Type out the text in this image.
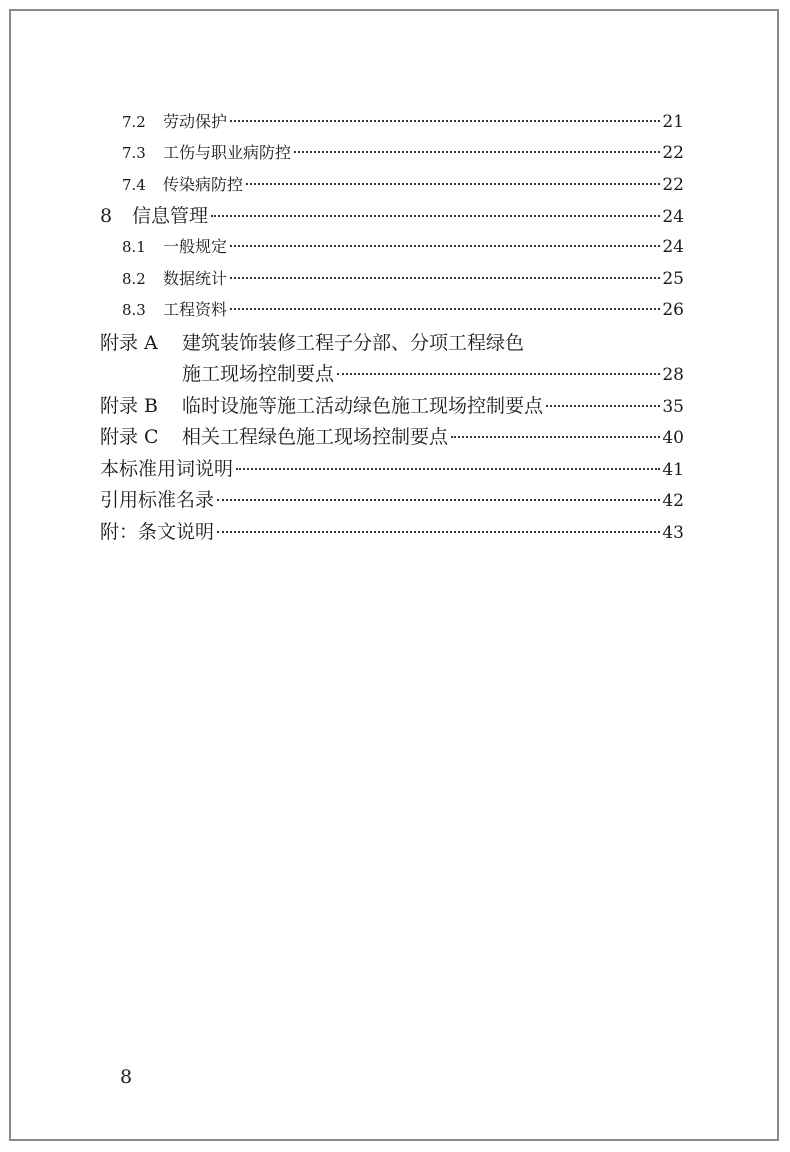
7.2	劳动保护	21
7.3	工伤与职业病防控	22
7.4	传染病防控	22
8	信息管理	24
8.1	一般规定	24
8.2	数据统计	25
8.3	工程资料	26
附录 A	建筑装饰装修工程子分部、分项工程绿色
施工现场控制要点	28
附录 B	临时设施等施工活动绿色施工现场控制要点	35
附录 C	相关工程绿色施工现场控制要点	40
本标准用词说明	41
引用标准名录	42
附：条文说明	43
8
